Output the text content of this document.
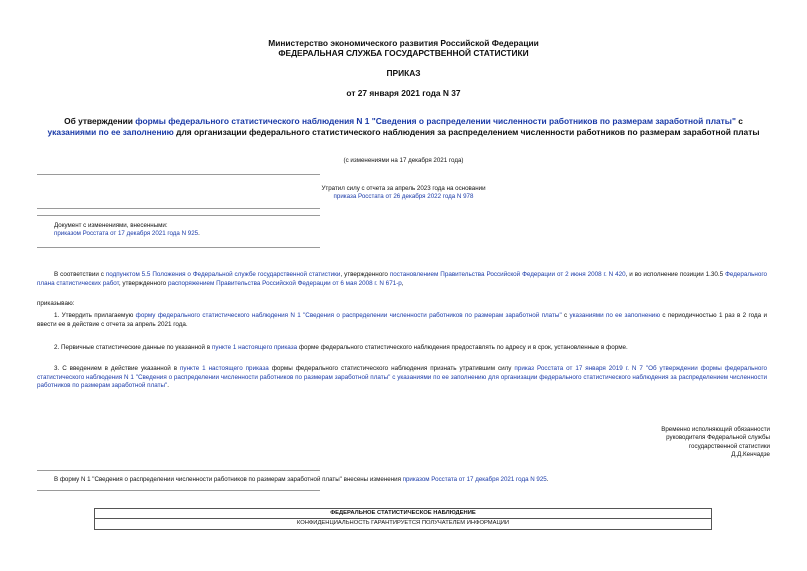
Министерство экономического развития Российской Федерации
ФЕДЕРАЛЬНАЯ СЛУЖБА ГОСУДАРСТВЕННОЙ СТАТИСТИКИ
ПРИКАЗ
от 27 января 2021 года N 37
Об утверждении формы федерального статистического наблюдения N 1 "Сведения о распределении численности работников по размерам заработной платы" с указаниями по ее заполнению для организации федерального статистического наблюдения за распределением численности работников по размерам заработной платы
(с изменениями на 17 декабря 2021 года)
Утратил силу с отчета за апрель 2023 года на основании
приказа Росстата от 26 декабря 2022 года N 978
Документ с изменениями, внесенными:
приказом Росстата от 17 декабря 2021 года N 925.
В соответствии с подпунктом 5.5 Положения о Федеральной службе государственной статистики, утвержденного постановлением Правительства Российской Федерации от 2 июня 2008 г. N 420, и во исполнение позиции 1.30.5 Федерального плана статистических работ, утвержденного распоряжением Правительства Российской Федерации от 6 мая 2008 г. N 671-р,
приказываю:
1. Утвердить прилагаемую форму федерального статистического наблюдения N 1 "Сведения о распределении численности работников по размерам заработной платы" с указаниями по ее заполнению с периодичностью 1 раз в 2 года и ввести ее в действие с отчета за апрель 2021 года.
2. Первичные статистические данные по указанной в пункте 1 настоящего приказа форме федерального статистического наблюдения предоставлять по адресу и в срок, установленные в форме.
3. С введением в действие указанной в пункте 1 настоящего приказа формы федерального статистического наблюдения признать утратившим силу приказ Росстата от 17 января 2019 г. N 7 "Об утверждении формы федерального статистического наблюдения N 1 "Сведения о распределении численности работников по размерам заработной платы" с указаниями по ее заполнению для организации федерального статистического наблюдения за распределением численности работников по размерам заработной платы".
Временно исполняющий обязанности
руководителя Федеральной службы
государственной статистики
Д.Д.Кенчадзе
В форму N 1 "Сведения о распределении численности работников по размерам заработной платы" внесены изменения приказом Росстата от 17 декабря 2021 года N 925.
ФЕДЕРАЛЬНОЕ СТАТИСТИЧЕСКОЕ НАБЛЮДЕНИЕ
КОНФИДЕНЦИАЛЬНОСТЬ ГАРАНТИРУЕТСЯ ПОЛУЧАТЕЛЕМ ИНФОРМАЦИИ
